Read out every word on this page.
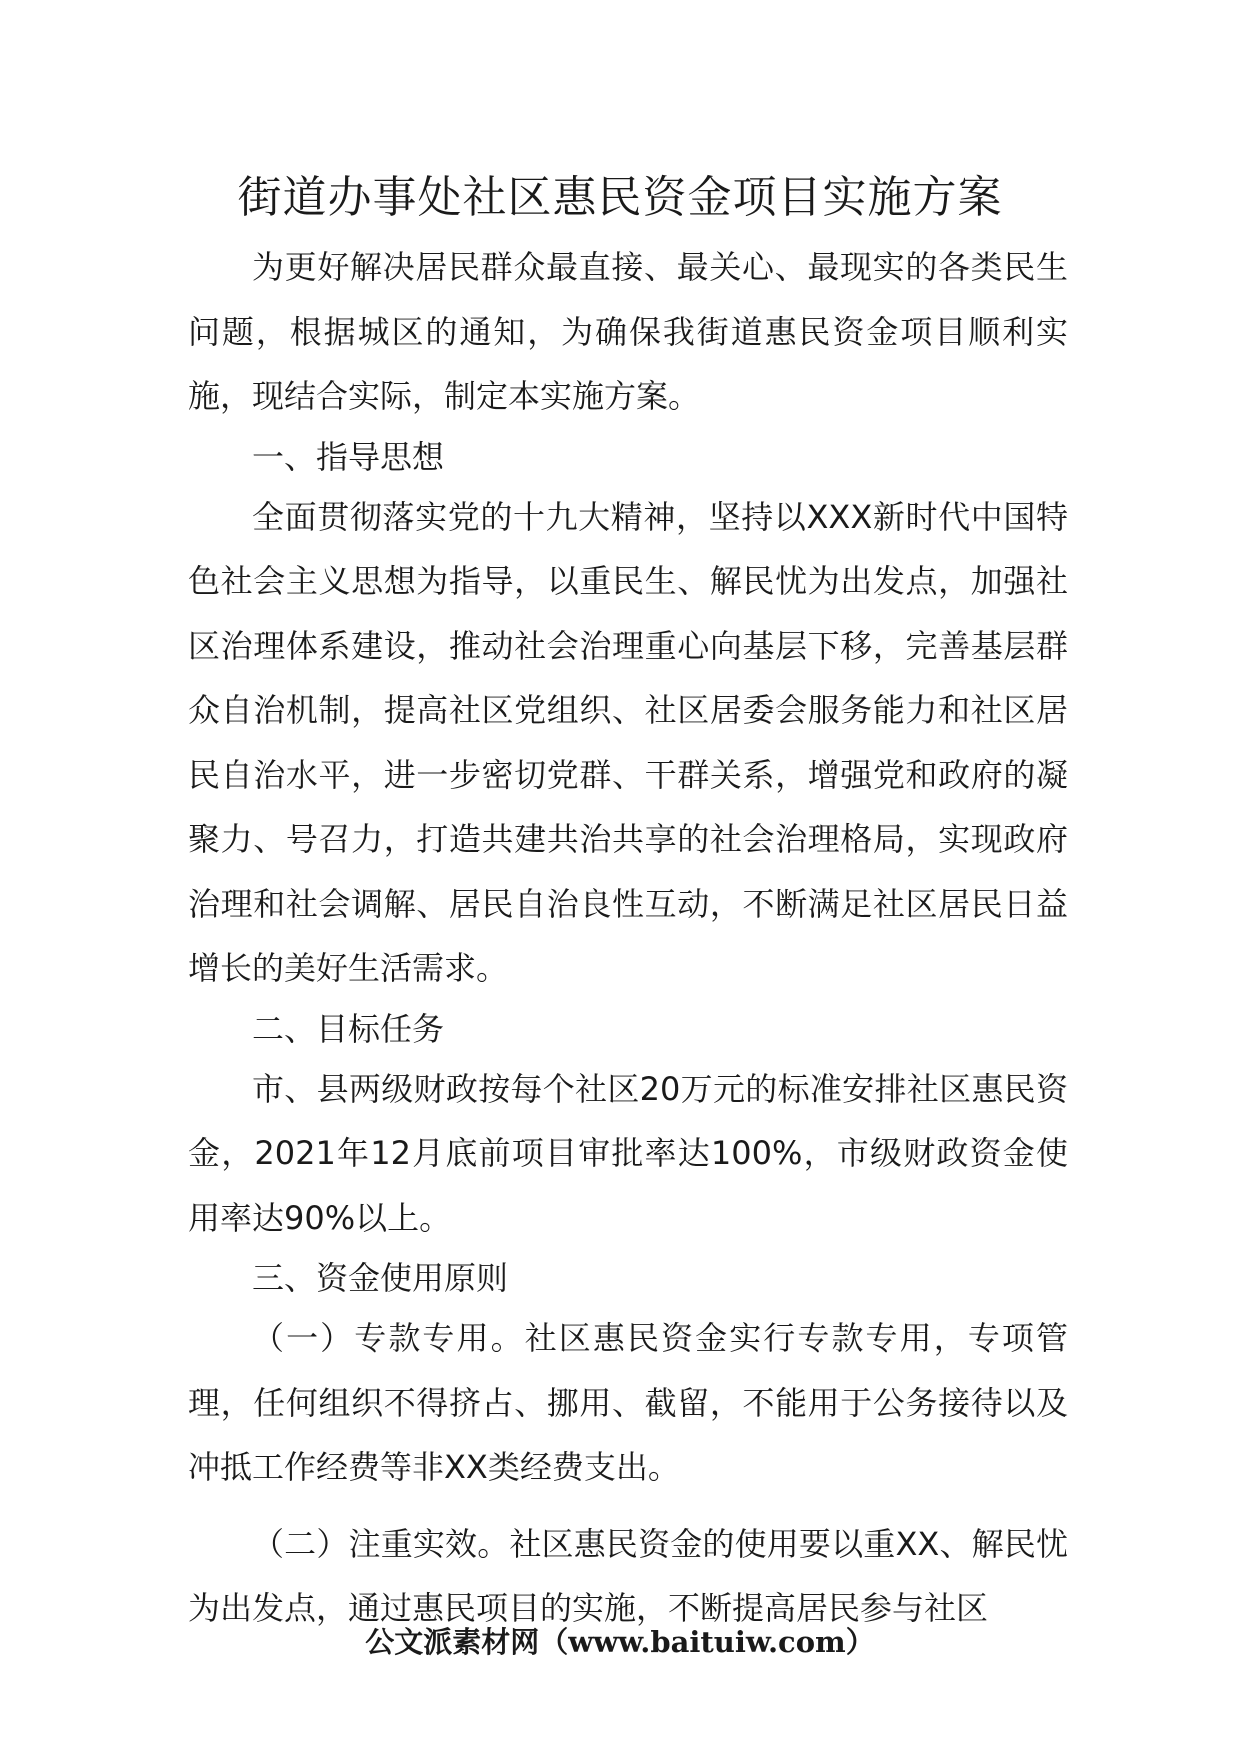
街道办事处社区惠民资金项目实施方案

为更好解决居民群众最直接、最关心、最现实的各类民生问题，根据城区的通知，为确保我街道惠民资金项目顺利实施，现结合实际，制定本实施方案。

一、指导思想

全面贯彻落实党的十九大精神，坚持以XXX新时代中国特色社会主义思想为指导，以重民生、解民忧为出发点，加强社区治理体系建设，推动社会治理重心向基层下移，完善基层群众自治机制，提高社区党组织、社区居委会服务能力和社区居民自治水平，进一步密切党群、干群关系，增强党和政府的凝聚力、号召力，打造共建共治共享的社会治理格局，实现政府治理和社会调解、居民自治良性互动，不断满足社区居民日益增长的美好生活需求。

二、目标任务

市、县两级财政按每个社区20万元的标准安排社区惠民资金，2021年12月底前项目审批率达100%，市级财政资金使用率达90%以上。

三、资金使用原则

（一）专款专用。社区惠民资金实行专款专用，专项管理，任何组织不得挤占、挪用、截留，不能用于公务接待以及冲抵工作经费等非XX类经费支出。

（二）注重实效。社区惠民资金的使用要以重XX、解民忧为出发点，通过惠民项目的实施，不断提高居民参与社区

公文派素材网（www.baituiw.com）
